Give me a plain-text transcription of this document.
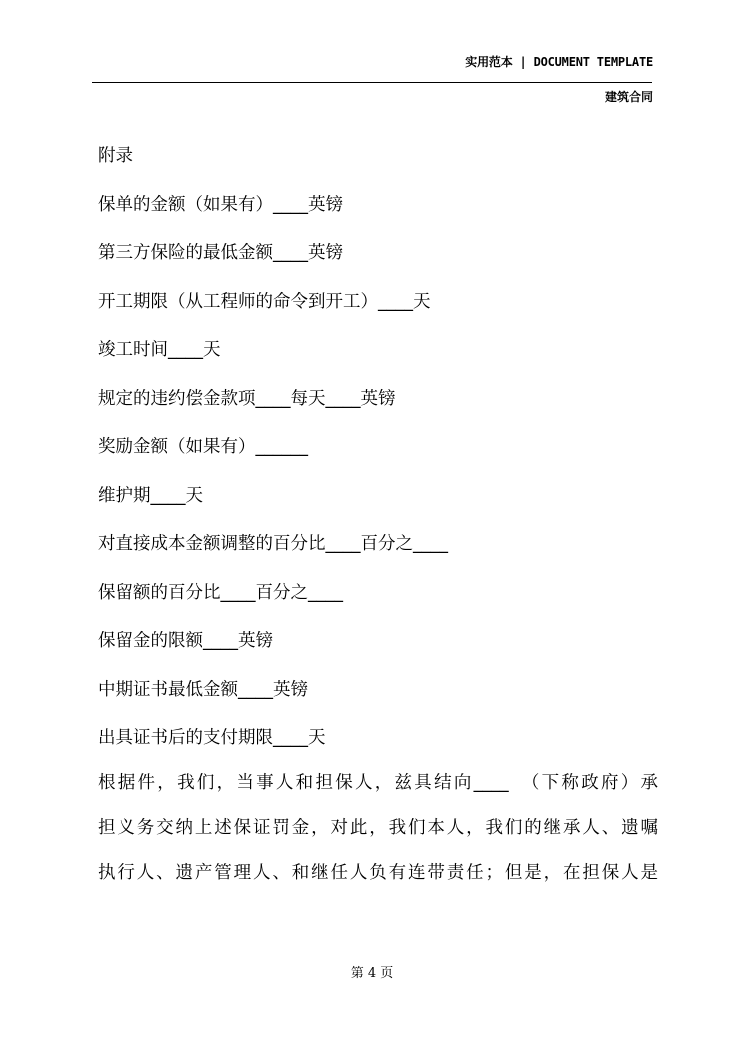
实用范本 | DOCUMENT TEMPLATE
建筑合同
附录
保单的金额（如果有）____英镑
第三方保险的最低金额____英镑
开工期限（从工程师的命令到开工）____天
竣工时间____天
规定的违约偿金款项____每天____英镑
奖励金额（如果有）______
维护期____天
对直接成本金额调整的百分比____百分之____
保留额的百分比____百分之____
保留金的限额____英镑
中期证书最低金额____英镑
出具证书后的支付期限____天
根据件，我们，当事人和担保人，兹具结向____　（下称政府）承
担义务交纳上述保证罚金，对此，我们本人，我们的继承人、遗嘱
执行人、遗产管理人、和继任人负有连带责任；但是，在担保人是
第 4 页
